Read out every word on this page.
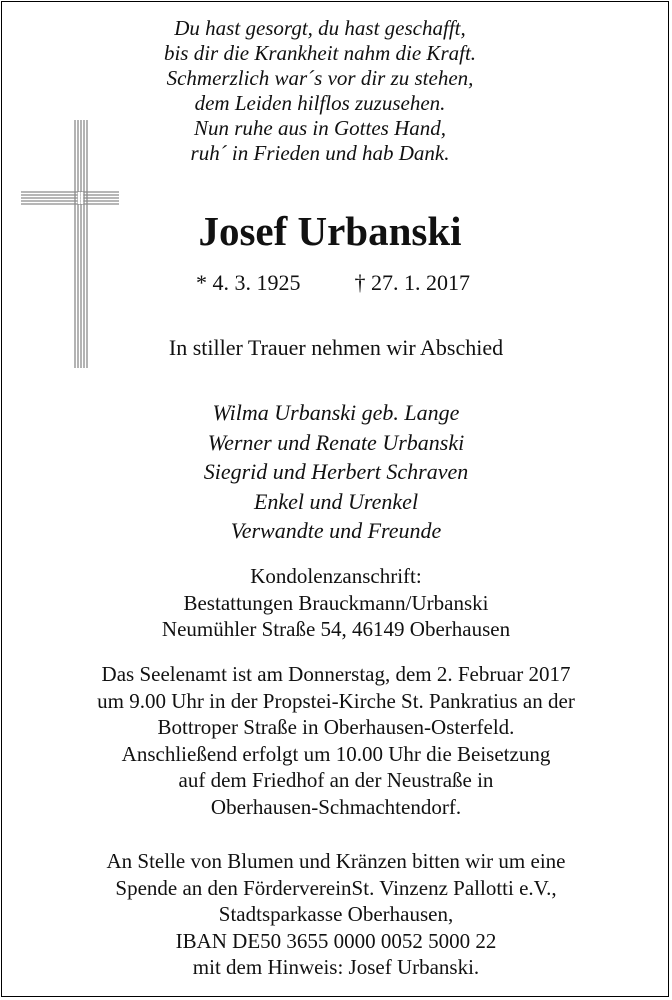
Du hast gesorgt, du hast geschafft,
bis dir die Krankheit nahm die Kraft.
Schmerzlich war´s vor dir zu stehen,
dem Leiden hilflos zuzusehen.
Nun ruhe aus in Gottes Hand,
ruh´ in Frieden und hab Dank.
Josef Urbanski
* 4. 3. 1925 † 27. 1. 2017
In stiller Trauer nehmen wir Abschied
Wilma Urbanski geb. Lange
Werner und Renate Urbanski
Siegrid und Herbert Schraven
Enkel und Urenkel
Verwandte und Freunde
Kondolenzanschrift:
Bestattungen Brauckmann/Urbanski
Neumühler Straße 54, 46149 Oberhausen
Das Seelenamt ist am Donnerstag, dem 2. Februar 2017
um 9.00 Uhr in der Propstei-Kirche St. Pankratius an der
Bottroper Straße in Oberhausen-Osterfeld.
Anschließend erfolgt um 10.00 Uhr die Beisetzung
auf dem Friedhof an der Neustraße in
Oberhausen-Schmachtendorf.
An Stelle von Blumen und Kränzen bitten wir um eine
Spende an den FördervereinSt. Vinzenz Pallotti e.V.,
Stadtsparkasse Oberhausen,
IBAN DE50 3655 0000 0052 5000 22
mit dem Hinweis: Josef Urbanski.
